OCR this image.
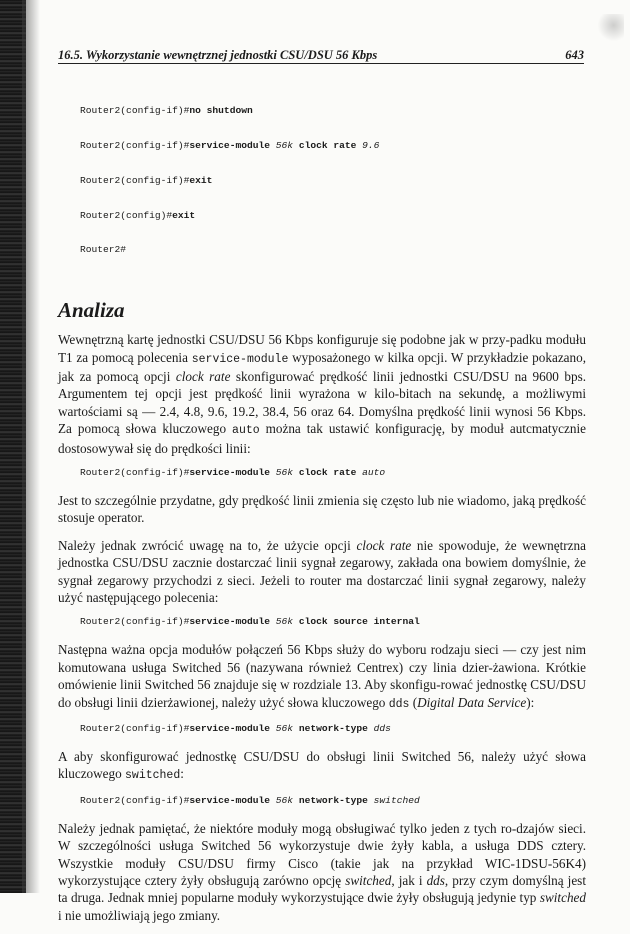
16.5. Wykorzystanie wewnętrznej jednostki CSU/DSU 56 Kbps	643

Router2(config-if)#no shutdown

Router2(config-if)#service-module 56k clock rate 9.6

Router2(config-if)#exit

Router2(config)#exit

Router2#

Analiza

Wewnętrzną kartę jednostki CSU/DSU 56 Kbps konfiguruje się podobne jak w przy-padku modułu T1 za pomocą polecenia service-module wyposażonego w kilka opcji. W przykładzie pokazano, jak za pomocą opcji clock rate skonfigurować prędkość linii jednostki CSU/DSU na 9600 bps. Argumentem tej opcji jest prędkość linii wyrażona w kilo-bitach na sekundę, a możliwymi wartościami są — 2.4, 4.8, 9.6, 19.2, 38.4, 56 oraz 64. Domyślna prędkość linii wynosi 56 Kbps. Za pomocą słowa kluczowego auto można tak ustawić konfigurację, by moduł autcmatycznie dostosowywał się do prędkości linii:

Router2(config-if)#service-module 56k clock rate auto

Jest to szczególnie przydatne, gdy prędkość linii zmienia się często lub nie wiadomo, jaką prędkość stosuje operator.

Należy jednak zwrócić uwagę na to, że użycie opcji clock rate nie spowoduje, że wewnętrzna jednostka CSU/DSU zacznie dostarczać linii sygnał zegarowy, zakłada ona bowiem domyślnie, że sygnał zegarowy przychodzi z sieci. Jeżeli to router ma dostarczać linii sygnał zegarowy, należy użyć następującego polecenia:

Router2(config-if)#service-module 56k clock source internal

Następna ważna opcja modułów połączeń 56 Kbps służy do wyboru rodzaju sieci — czy jest nim komutowana usługa Switched 56 (nazywana również Centrex) czy linia dzier-żawiona. Krótkie omówienie linii Switched 56 znajduje się w rozdziale 13. Aby skonfigu-rować jednostkę CSU/DSU do obsługi linii dzierżawionej, należy użyć słowa kluczowego dds (Digital Data Service):

Router2(config-if)#service-module 56k network-type dds

A aby skonfigurować jednostkę CSU/DSU do obsługi linii Switched 56, należy użyć słowa kluczowego switched:

Router2(config-if)#service-module 56k network-type switched

Należy jednak pamiętać, że niektóre moduły mogą obsługiwać tylko jeden z tych ro-dzajów sieci. W szczególności usługa Switched 56 wykorzystuje dwie żyły kabla, a usługa DDS cztery. Wszystkie moduły CSU/DSU firmy Cisco (takie jak na przykład WIC-1DSU-56K4) wykorzystujące cztery żyły obsługują zarówno opcję switched, jak i dds, przy czym domyślną jest ta druga. Jednak mniej popularne moduły wykorzystujące dwie żyły obsługują jedynie typ switched i nie umożliwiają jego zmiany.
